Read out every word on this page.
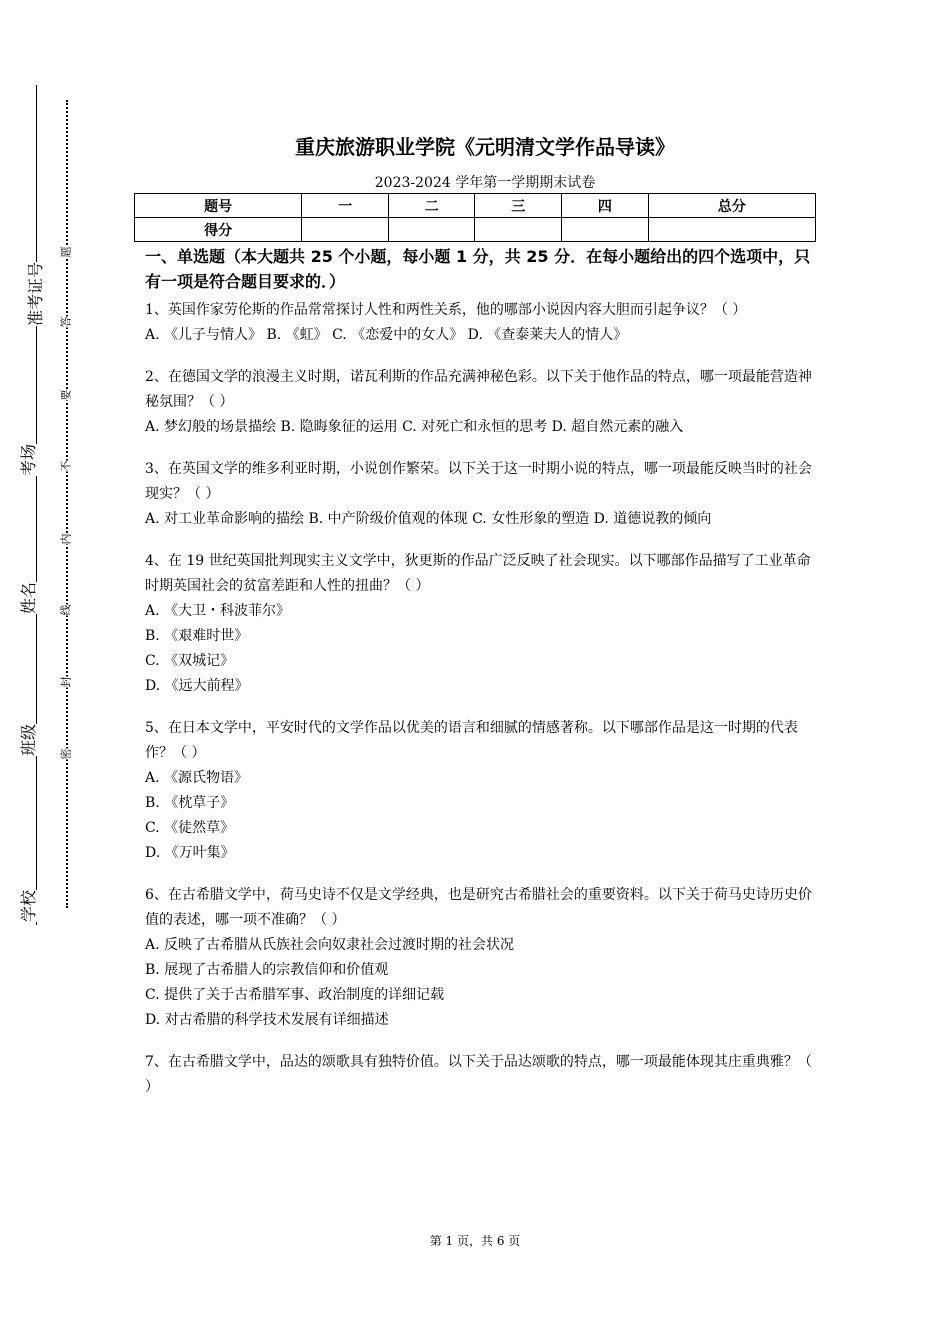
准考证号
考场
姓名
班级
学校
题
答
要
不
内
线
封
密
重庆旅游职业学院《元明清文学作品导读》
2023-2024 学年第一学期期末试卷
题号	一	二	三	四	总分
得分					
一、单选题（本大题共 25 个小题，每小题 1 分，共 25 分．在每小题给出的四个选项中，只有一项是符合题目要求的．）

1、英国作家劳伦斯的作品常常探讨人性和两性关系，他的哪部小说因内容大胆而引起争议？（ ）

A. 《儿子与情人》 B. 《虹》 C. 《恋爱中的女人》 D. 《查泰莱夫人的情人》

2、在德国文学的浪漫主义时期，诺瓦利斯的作品充满神秘色彩。以下关于他作品的特点，哪一项最能营造神秘氛围？（ ）

A. 梦幻般的场景描绘 B. 隐晦象征的运用 C. 对死亡和永恒的思考 D. 超自然元素的融入

3、在英国文学的维多利亚时期，小说创作繁荣。以下关于这一时期小说的特点，哪一项最能反映当时的社会现实？（ ）

A. 对工业革命影响的描绘 B. 中产阶级价值观的体现 C. 女性形象的塑造 D. 道德说教的倾向

4、在 19 世纪英国批判现实主义文学中，狄更斯的作品广泛反映了社会现实。以下哪部作品描写了工业革命时期英国社会的贫富差距和人性的扭曲？（ ）

A. 《大卫・科波菲尔》

B. 《艰难时世》

C. 《双城记》

D. 《远大前程》

5、在日本文学中，平安时代的文学作品以优美的语言和细腻的情感著称。以下哪部作品是这一时期的代表作？（ ）

A. 《源氏物语》

B. 《枕草子》

C. 《徒然草》

D. 《万叶集》

6、在古希腊文学中，荷马史诗不仅是文学经典，也是研究古希腊社会的重要资料。以下关于荷马史诗历史价值的表述，哪一项不准确？（ ）

A. 反映了古希腊从氏族社会向奴隶社会过渡时期的社会状况

B. 展现了古希腊人的宗教信仰和价值观

C. 提供了关于古希腊军事、政治制度的详细记载

D. 对古希腊的科学技术发展有详细描述

7、在古希腊文学中，品达的颂歌具有独特价值。以下关于品达颂歌的特点，哪一项最能体现其庄重典雅？（ ）

第 1 页，共 6 页
